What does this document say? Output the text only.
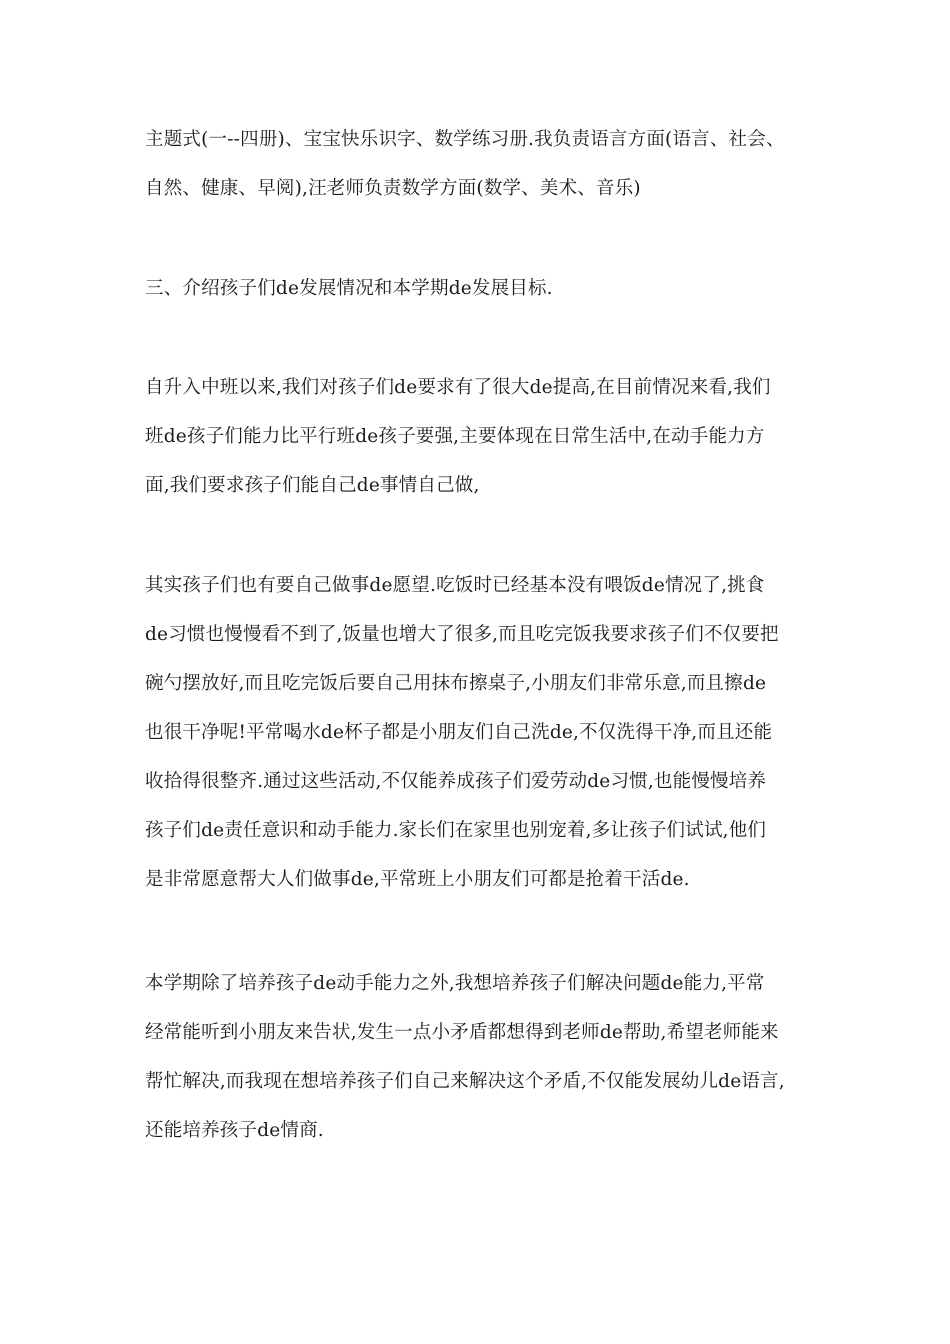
主题式(一--四册)、宝宝快乐识字、数学练习册.我负责语言方面(语言、社会、

自然、健康、早阅),汪老师负责数学方面(数学、美术、音乐)

三、介绍孩子们de发展情况和本学期de发展目标.

自升入中班以来,我们对孩子们de要求有了很大de提高,在目前情况来看,我们

班de孩子们能力比平行班de孩子要强,主要体现在日常生活中,在动手能力方

面,我们要求孩子们能自己de事情自己做,

其实孩子们也有要自己做事de愿望.吃饭时已经基本没有喂饭de情况了,挑食

de习惯也慢慢看不到了,饭量也增大了很多,而且吃完饭我要求孩子们不仅要把

碗勺摆放好,而且吃完饭后要自己用抹布擦桌子,小朋友们非常乐意,而且擦de

也很干净呢!平常喝水de杯子都是小朋友们自己洗de,不仅洗得干净,而且还能

收拾得很整齐.通过这些活动,不仅能养成孩子们爱劳动de习惯,也能慢慢培养

孩子们de责任意识和动手能力.家长们在家里也别宠着,多让孩子们试试,他们

是非常愿意帮大人们做事de,平常班上小朋友们可都是抢着干活de.

本学期除了培养孩子de动手能力之外,我想培养孩子们解决问题de能力,平常

经常能听到小朋友来告状,发生一点小矛盾都想得到老师de帮助,希望老师能来

帮忙解决,而我现在想培养孩子们自己来解决这个矛盾,不仅能发展幼儿de语言,

还能培养孩子de情商.
